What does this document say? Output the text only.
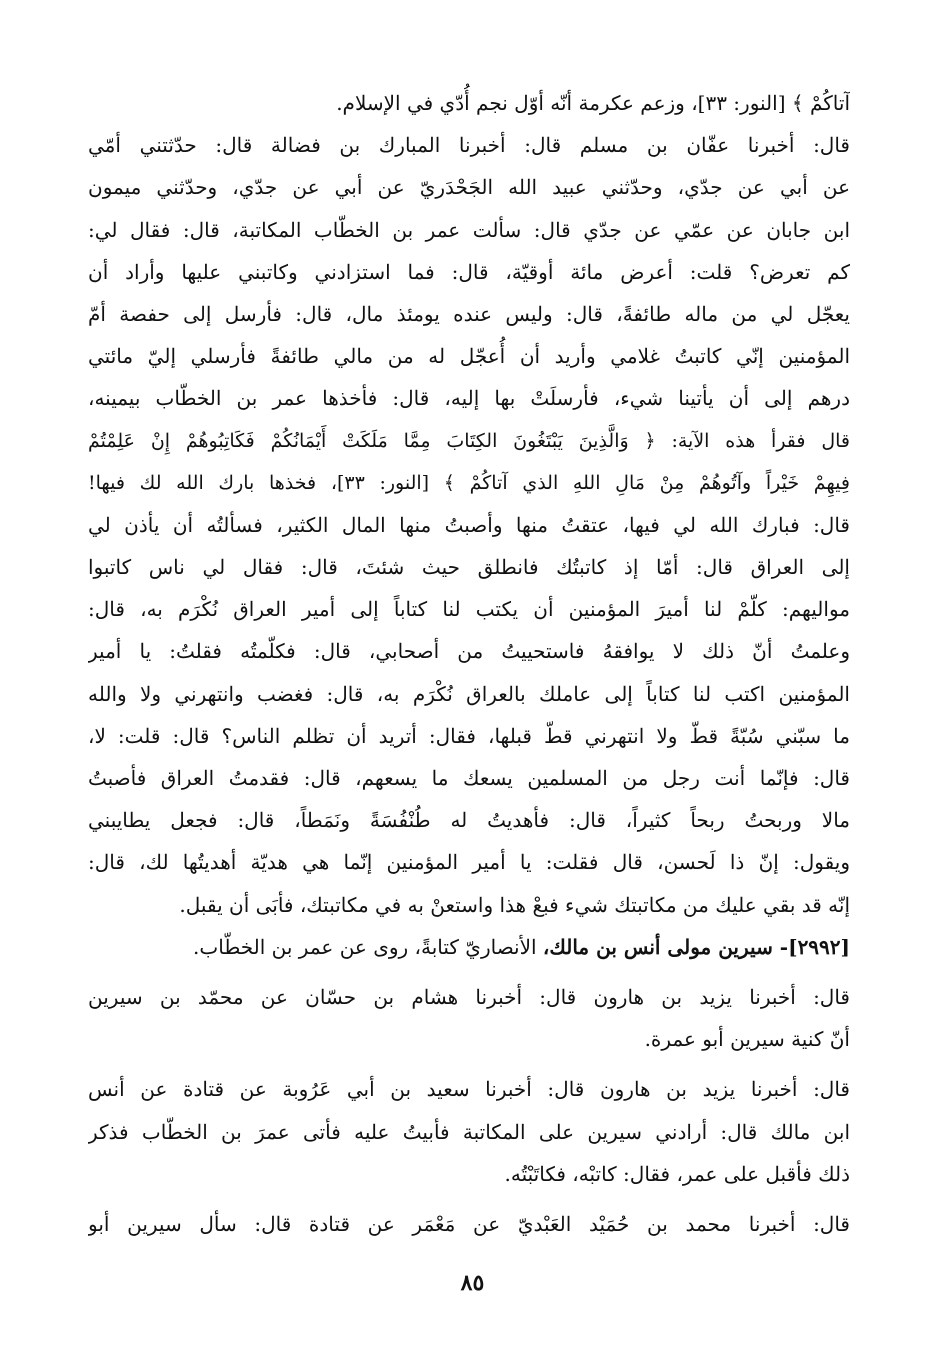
آتاكُمْ ﴾ [النور: ٣٣]، وزعم عكرمة أنّه أوّل نجم أُدّي في الإسلام.
قال: أخبرنا عفّان بن مسلم قال: أخبرنا المبارك بن فضالة قال: حدّثتني أمّي
عن أبي عن جدّي، وحدّثني عبيد الله الجَحْدَريّ عن أبي عن جدّي، وحدّثني ميمون
ابن جابان عن عمّي عن جدّي قال: سألت عمر بن الخطّاب المكاتبة، قال: فقال لي:
كم تعرض؟ قلت: أعرض مائة أوقيّة، قال: فما استزادني وكاتبني عليها وأراد أن
يعجّل لي من ماله طائفةً، قال: وليس عنده يومئذ مال، قال: فأرسل إلى حفصة أمّ
المؤمنين إنّي كاتبتُ غلامي وأريد أن أُعجّل له من مالي طائفةً فأرسلي إليّ مائتي
درهم إلى أن يأتينا شيء، فأرسلَتْ بها إليه، قال: فأخذها عمر بن الخطّاب بيمينه،
قال فقرأ هذه الآية: ﴿ وَالَّذِينَ يَبْتَغُونَ الكِتَابَ مِمَّا مَلَكَتْ أَيْمَانُكُمْ فَكَاتِبُوهُمْ إِنْ عَلِمْتُمْ
فِيهِمْ خَيْراً وآتُوهُمْ مِنْ مَالِ اللهِ الذي آتاكُمْ ﴾ [النور: ٣٣]، فخذها بارك الله لك فيها!
قال: فبارك الله لي فيها، عتقتُ منها وأصبتُ منها المال الكثير، فسألتُه أن يأذن لي
إلى العراق قال: أمّا إذ كاتبتُك فانطلق حيث شئتَ، قال: فقال لي ناس كاتبوا
مواليهم: كلّمْ لنا أميرَ المؤمنين أن يكتب لنا كتاباً إلى أمير العراق نُكْرَم به، قال:
وعلمتُ أنّ ذلك لا يوافقهُ فاستحييتُ من أصحابي، قال: فكلّمتُه فقلتُ: يا أمير
المؤمنين اكتب لنا كتاباً إلى عاملك بالعراق نُكْرَم به، قال: فغضب وانتهرني ولا والله
ما سبّني سُبّةً قطّ ولا انتهرني قطّ قبلها، فقال: أتريد أن تظلم الناس؟ قال: قلت: لا،
قال: فإنّما أنت رجل من المسلمين يسعك ما يسعهم، قال: فقدمتُ العراق فأصبتُ
مالا وربحتُ ربحاً كثيراً، قال: فأهديتُ له طُنْفُسَةً ونَمَطاً، قال: فجعل يطايبني
ويقول: إنّ ذا لَحسن، قال فقلت: يا أمير المؤمنين إنّما هي هديّة أهديتُها لك، قال:
إنّه قد بقي عليك من مكاتبتك شيء فبعْ هذا واستعنْ به في مكاتبتك، فأبَى أن يقبل.
[٢٩٩٢]- سيرين مولى أنس بن مالك، الأنصاريّ كتابةً، روى عن عمر بن الخطّاب.
قال: أخبرنا يزيد بن هارون قال: أخبرنا هشام بن حسّان عن محمّد بن سيرين
أنّ كنية سيرين أبو عمرة.
قال: أخبرنا يزيد بن هارون قال: أخبرنا سعيد بن أبي عَرُوبة عن قتادة عن أنس
ابن مالك قال: أرادني سيرين على المكاتبة فأبيتُ عليه فأتى عمرَ بن الخطّاب فذكر
ذلك فأقبل على عمر، فقال: كاتبْه، فكاتَبْتُه.
قال: أخبرنا محمد بن حُمَيْد العَبْديّ عن مَعْمَر عن قتادة قال: سأل سيرين أبو
٨٥
